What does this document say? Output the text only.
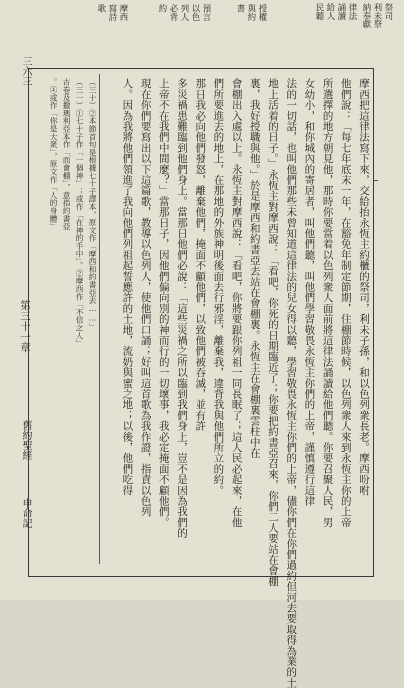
祭司
利未祭
納奉獻
律法
誦讀
給人
民聽
授權
與約
書
預言
以色
列人
必背
約
摩西
寫詩
歌
摩西把這律法寫下來，交給抬永恆主約櫃的祭司，利未子孫，和以色列衆長老。摩西吩咐
他們說：「每七年底末一年，在豁免年制定節期，住棚節時候，以色列衆人來到永恆主你的上帝
所選擇的地方朝見他，那時你要當着以色列衆人面前將這律法誦讀給他們聽。你要召聚人民，男
女幼小，和你城內的寄居者，叫他們聽，叫他們學習敬畏永恆主你們的上帝，謹慎遵行這律
法的一切話，也叫他們那些未曾知道這律法的兒女得以聽，學習敬畏永恆主你們的上帝，儘你們在你們過約但河去要取得為業的土
地上活着的日子。」永恆主對摩西說：「看吧，你死的日期臨近了；你要把約書亞召來，你們二人要站在會棚
裏，我好授職與他。」於是摩西和約書亞去站在會棚裏。永恆主在會棚裏雲柱中在
會棚出入處以上。永恆主對摩西說：「看吧，你將要跟你列祖一同長眠了；這人民必起來，在他
們所要進去的地上，在那地的外族神明後面去行邪淫，離棄我，違背我與他們所立的約。
那日我必向他們發怒，離棄他們，掩面不顧他們，以致他們被吞滅，並有許
多災禍患難臨到他們身上。當那日他們必說：「這些災禍之所以臨到我們身上，豈不是因為我們的
上帝不在我們中間麼？」當那日子，因他們偏向別的神而行的一切壞事，我必定掩面不顧他們。
現在你們要寫出以下這篇歌，教導以色列人，使他們口誦；好叫這首歌為我作證，指責以色列
人。因為我將他們領進了我向他們列祖起誓應許的土地，流奶與蜜之地；以後，他們吃得
（三十）②本節首句是根據七十子譯本，原文作「摩西和約書亞去……」
（三一）①七十子作「一個神」；或作「在神的手中」。②摩西作「不信之人」
古卷及撒瑪利亞本作「而會棚」，意指約書亞
。④或作「你是大衆」，原文作「人的身體」
舊約聖經
申命記
第三十一章
三六三
